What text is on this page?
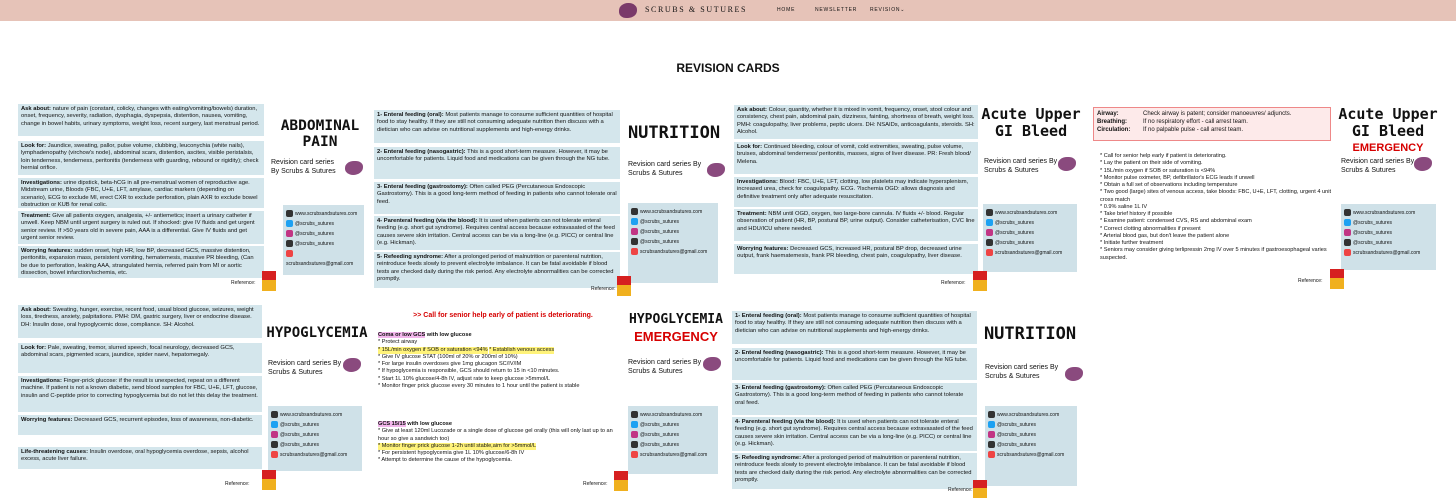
SCRUBS & SUTURES	HOME	NEWSLETTER	REVISION⌄
REVISION CARDS
Ask about: nature of pain (constant, colicky, changes with eating/vomiting/bowels) duration, onset, frequency, severity, radiation, dysphagia, dyspepsia, distention, nausea, vomiting, change in bowel habits, urinary symptoms, weight loss, recent surgery, last menstrual period.
Look for: Jaundice, sweating, pallor, pulse volume, clubbing, leuconychia (white nails), lymphadenopathy (virchow's node), abdominal scars, distention, ascites, visible peristalsis, loin tenderness, tenderness, peritonitis (tenderness with guarding, rebound or rigidity); check hernial orifice.
Investigations: urine dipstick, beta-hCG in all pre-menstrual women of reproductive age. Midstream urine, Bloods (FBC, U+E, LFT, amylase, cardiac markers (depending on scenario), ECG to exclude MI, erect CXR to exclude perforation, plain AXR to exclude bowel obstruction or KUB for renal colic.
Treatment: Give all patients oxygen, analgesia, +/- antiemetics; insert a urinary catheter if unwell. Keep NBM until urgent surgery is ruled out. If shocked: give IV fluids and get urgent senior review. If >50 years old in severe pain, AAA is a differential. Give IV fluids and get urgent senior review.
Worrying features: sudden onset, high HR, low BP, decreased GCS, massive distention, peritonitis, expansion mass, persistent vomiting, hematemesis, massive PR bleeding, (Can be due to perforation, leaking AAA, strangulated hernia, referred pain from MI or aortic dissection, bowel infarction/ischemia, etc.
ABDOMINAL PAIN
Revision card series By Scrubs & Sutures
www.scrubsandsutures.com
@scrubs_sutures
@scrubs_sutures
@scrubs_sutures
scrubsandsutures@gmail.com
Reference:
1- Enteral feeding (oral): Most patients manage to consume sufficient quantities of hospital food to stay healthy. If they are still not consuming adequate nutrition then discuss with a dietician who can advise on nutritional supplements and high-energy drinks.
2- Enteral feeding (nasogastric): This is a good short-term measure. However, it may be uncomfortable for patients. Liquid food and medications can be given through the NG tube.
3- Enteral feeding (gastrostomy): Often called PEG (Percutaneous Endoscopic Gastrostomy). This is a good long-term method of feeding in patients who cannot tolerate oral feed.
4- Parenteral feeding (via the blood): It is used when patients can not tolerate enteral feeding (e.g. short gut syndrome). Requires central access because extravasated of the feed causes severe skin irritation. Central access can be via a long-line (e.g. PICC) or central line (e.g. Hickman).
5- Refeeding syndrome: After a prolonged period of malnutrition or parenteral nutrition, reintroduce feeds slowly to prevent electrolyte imbalance. It can be fatal avoidable if blood tests are checked daily during the risk period. Any electrolyte abnormalities can be corrected promptly.
NUTRITION
Revision card series By Scrubs & Sutures
www.scrubsandsutures.com
@scrubs_sutures
@scrubs_sutures
@scrubs_sutures
scrubsandsutures@gmail.com
Reference:
Ask about: Colour, quantity, whether it is mixed in vomit, frequency, onset, stool colour and consistency, chest pain, abdominal pain, dizziness, fainting, shortness of breath, weight loss. PMH: coagulopathy, liver problems, peptic ulcers. DH: NSAIDs, anticoagulants, steroids. SH: Alcohol.
Look for: Continued bleeding, colour of vomit, cold extremities, sweating, pulse volume, bruises, abdominal tenderness/ peritonitis, masses, signs of liver disease. PR: Fresh blood/ Melena.
Investigations: Blood: FBC, U+E, LFT, clotting, low platelets may indicate hypersplenism, increased urea, check for coagulopathy. ECG. ?Ischemia OGD: allows diagnosis and definitive treatment only after adequate resuscitation.
Treatment: NBM until OGD, oxygen, two large-bore cannula. IV fluids +/- blood. Regular observation of patient (HR, BP, postural BP, urine output). Consider catheterisation, CVC line and HDU/ICU where needed.
Worrying features: Decreased GCS, increased HR, postural BP drop, decreased urine output, frank haematemesis, frank PR bleeding, chest pain, coagulopathy, liver disease.
Acute Upper GI Bleed
Revision card series By Scrubs & Sutures
www.scrubsandsutures.com
@scrubs_sutures
@scrubs_sutures
@scrubs_sutures
scrubsandsutures@gmail.com
Reference:
Airway:	Check airway is patent; consider manoeuvres/ adjuncts.
Breathing:	If no respiratory effort - call arrest team.
Circulation: If no palpable pulse - call arrest team.
* Call for senior help early if patient is deteriorating.
* Lay the patient on their side of vomiting.
* 15L/min oxygen if SOB or saturation is <94%
* Monitor pulse oximeter, BP, defibrillator's ECG leads if unwell
* Obtain a full set of observations including temperature
* Two good (large) sites of venous access, take bloods: FBC, U+E, LFT, clotting, urgent 4 unit cross match
* 0.9% saline 1L IV
* Take brief history if possible
* Examine patient: condensed CVS, RS and abdominal exam
* Correct clotting abnormalities if present
* Arterial blood gas, but don't leave the patient alone
* Initiate further treatment
* Seniors may consider giving terlipressin 2mg IV over 5 minutes if gastroesophageal varies suspected.
Acute Upper GI Bleed
EMERGENCY
Revision card series By Scrubs & Sutures
www.scrubsandsutures.com
@scrubs_sutures
@scrubs_sutures
@scrubs_sutures
scrubsandsutures@gmail.com
Reference:
Ask about: Sweating, hunger, exercise, recent food, usual blood glucose, seizures, weight loss, tiredness, anxiety, palpitations. PMH: DM, gastric surgery, liver or endocrine disease. DH: Insulin dose, oral hypoglycemic dose, compliance. SH: Alcohol.
Look for: Pale, sweating, tremor, slurred speech, focal neurology, decreased GCS, abdominal scars, pigmented scars, jaundice, spider naevi, hepatomegaly.
Investigations: Finger-prick glucose: if the result is unexpected, repeat on a different machine. If patient is not a known diabetic, send blood samples for FBC, U+E, LFT, glucose, insulin and C-peptide prior to correcting hypoglycemia but do not let this delay the treatment.
Worrying features: Decreased GCS, recurrent episodes, loss of awareness, non-diabetic.
Life-threatening causes: Insulin overdose, oral hypoglycemia overdose, sepsis, alcohol excess, acute liver failure.
HYPOGLYCEMIA
Revision card series By Scrubs & Sutures
www.scrubsandsutures.com
@scrubs_sutures
@scrubs_sutures
@scrubs_sutures
scrubsandsutures@gmail.com
Reference:
>> Call for senior help early of patient is deteriorating.
Coma or low GCS with low glucose
* Protect airway
* 15L/min oxygen if SOB or saturation <94% * Establish venous access
* Give IV glucose STAT (100ml of 20% or 200ml of 10%)
* For large insulin overdoses give 1mg glucagon SC/IV/IM
* If hypoglycemia is responsible, GCS should return to 15 in <10 minutes.
* Start 1L 10% glucose/4-8h IV, adjust rate to keep glucose >5mmol/L
* Monitor finger prick glucose every 30 minutes to 1 hour until the patient is stable
GCS 15/15 with low glucose
* Give at least 120ml Lucozade or a single dose of glucose gel orally (this will only last up to an hour so give a sandwich too)
* Monitor finger prick glucose 1-2h until stable,aim for >5mmol/L
* For persistent hypoglycemia give 1L 10% glucose/6-8h IV
* Attempt to determine the cause of the hypoglycemia.
HYPOGLYCEMIA
EMERGENCY
Revision card series By Scrubs & Sutures
www.scrubsandsutures.com
@scrubs_sutures
@scrubs_sutures
@scrubs_sutures
scrubsandsutures@gmail.com
Reference:
1- Enteral feeding (oral): Most patients manage to consume sufficient quantities of hospital food to stay healthy. If they are still not consuming adequate nutrition then discuss with a dietician who can advise on nutritional supplements and high-energy drinks.
2- Enteral feeding (nasogastric): This is a good short-term measure. However, it may be uncomfortable for patients. Liquid food and medications can be given through the NG tube.
3- Enteral feeding (gastrostomy): Often called PEG (Percutaneous Endoscopic Gastrostomy). This is a good long-term method of feeding in patients who cannot tolerate oral feed.
4- Parenteral feeding (via the blood): It is used when patients can not tolerate enteral feeding (e.g. short gut syndrome). Requires central access because extravasated of the feed causes severe skin irritation. Central access can be via a long-line (e.g. PICC) or central line (e.g. Hickman).
5- Refeeding syndrome: After a prolonged period of malnutrition or parenteral nutrition, reintroduce feeds slowly to prevent electrolyte imbalance. It can be fatal avoidable if blood tests are checked daily during the risk period. Any electrolyte abnormalities can be corrected promptly.
NUTRITION
Revision card series By Scrubs & Sutures
www.scrubsandsutures.com
@scrubs_sutures
@scrubs_sutures
@scrubs_sutures
scrubsandsutures@gmail.com
Reference:
